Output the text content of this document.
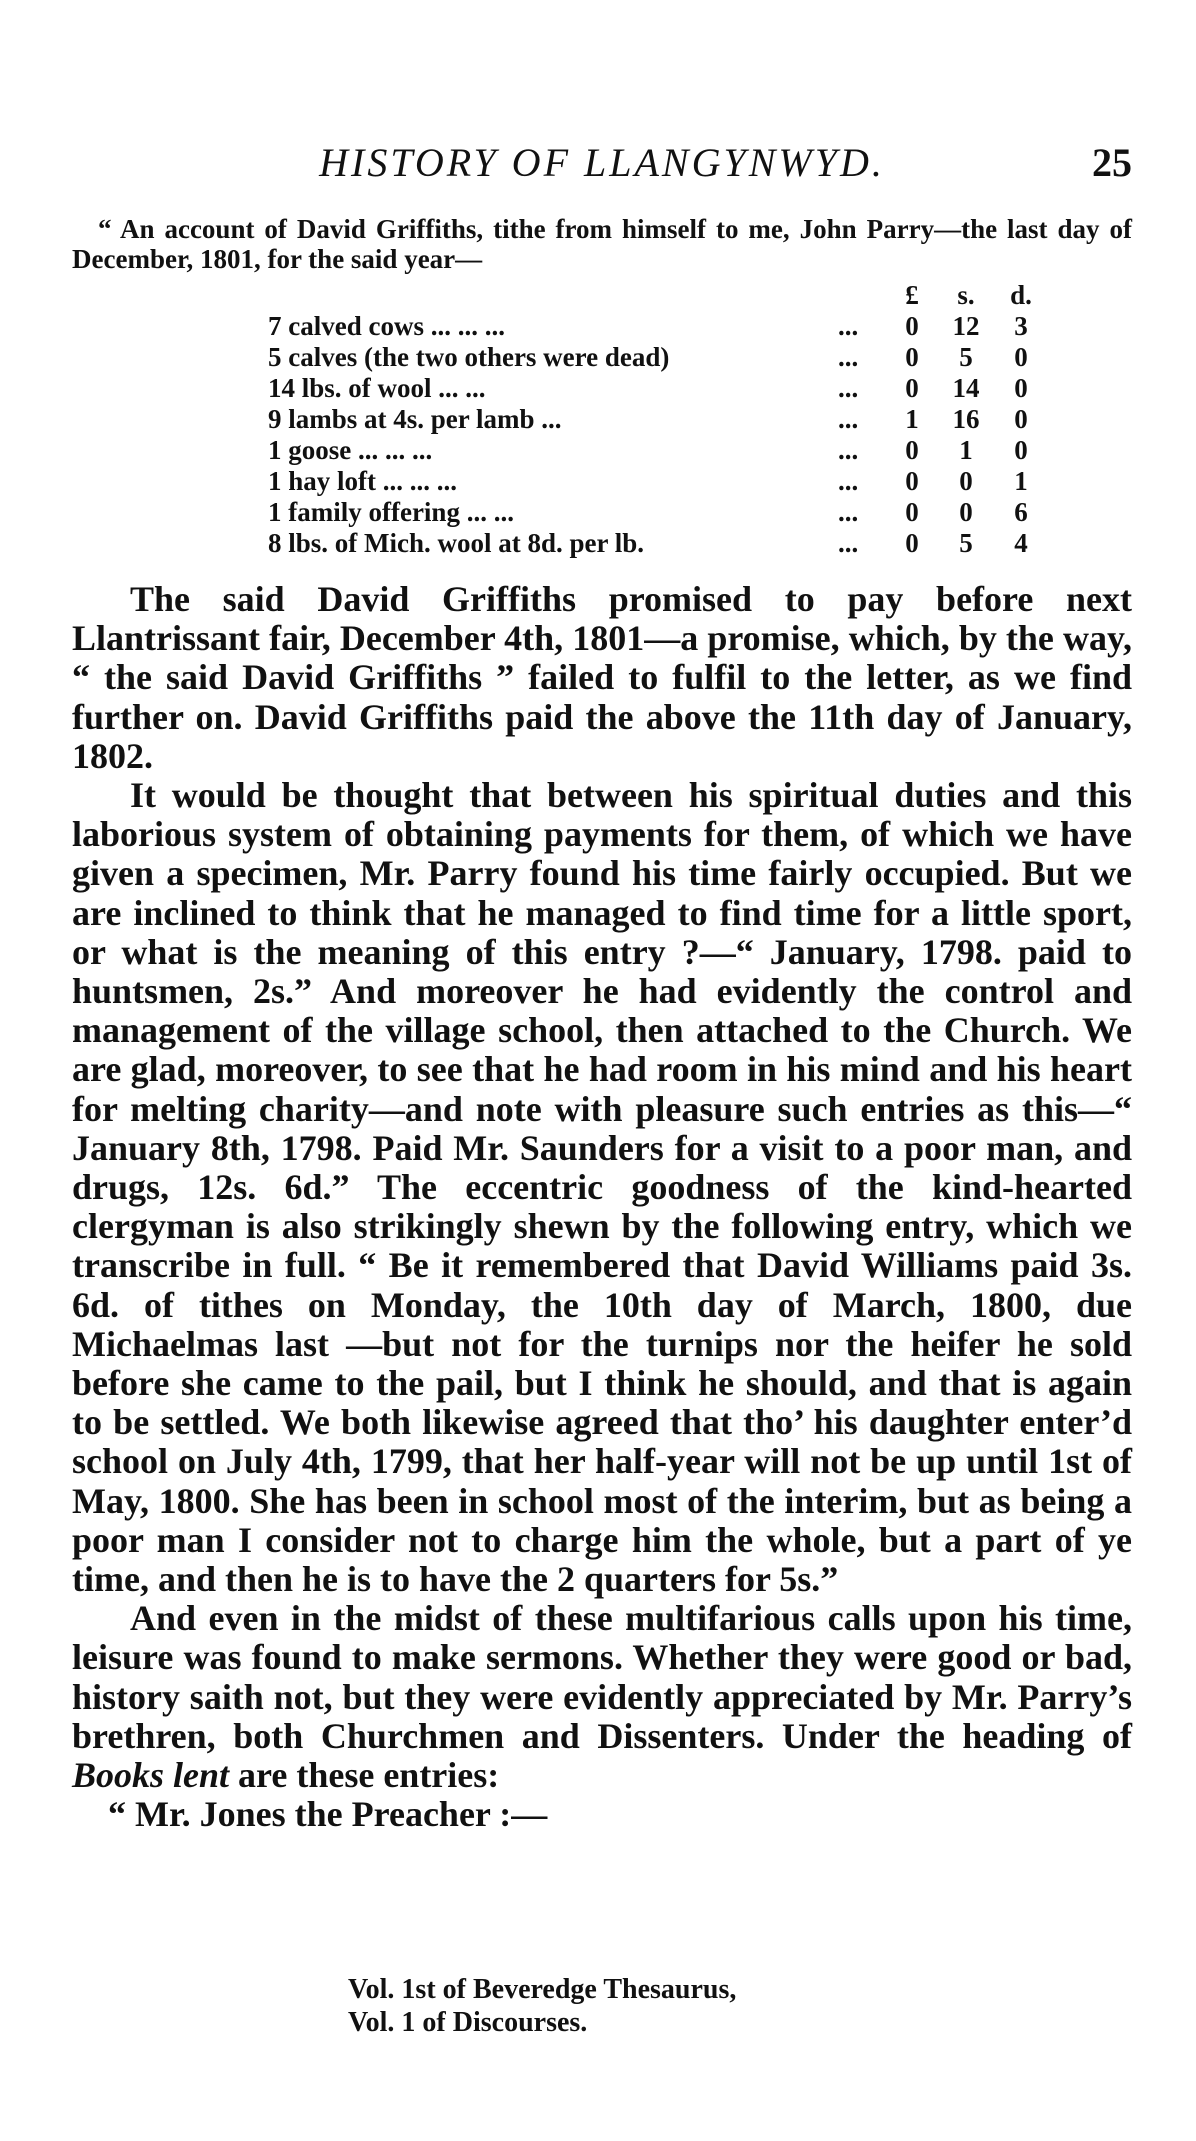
HISTORY OF LLANGYNWYD.	25

“ An account of David Griffiths, tithe from himself to me, John Parry—the last day of December, 1801, for the said year—

		£	s.	d.
7 calved cows ... ... ...	...	0	12	3
5 calves (the two others were dead)	...	0	5	0
14 lbs. of wool ... ...	...	0	14	0
9 lambs at 4s. per lamb ...	...	1	16	0
1 goose ... ... ...	...	0	1	0
1 hay loft ... ... ...	...	0	0	1
1 family offering ... ...	...	0	0	6
8 lbs. of Mich. wool at 8d. per lb.	...	0	5	4

The said David Griffiths promised to pay before next Llantrissant fair, December 4th, 1801—a promise, which, by the way, “ the said David Griffiths ” failed to fulfil to the letter, as we find further on. David Griffiths paid the above the 11th day of January, 1802.

It would be thought that between his spiritual duties and this laborious system of obtaining payments for them, of which we have given a specimen, Mr. Parry found his time fairly occupied. But we are inclined to think that he managed to find time for a little sport, or what is the meaning of this entry ?—“ January, 1798. paid to huntsmen, 2s.” And moreover he had evidently the control and management of the village school, then attached to the Church. We are glad, moreover, to see that he had room in his mind and his heart for melting charity—and note with pleasure such entries as this—“ January 8th, 1798. Paid Mr. Saunders for a visit to a poor man, and drugs, 12s. 6d.” The eccentric goodness of the kind-hearted clergyman is also strikingly shewn by the following entry, which we transcribe in full. “ Be it remembered that David Williams paid 3s. 6d. of tithes on Monday, the 10th day of March, 1800, due Michaelmas last —but not for the turnips nor the heifer he sold before she came to the pail, but I think he should, and that is again to be settled. We both likewise agreed that tho’ his daughter enter’d school on July 4th, 1799, that her half-year will not be up until 1st of May, 1800. She has been in school most of the interim, but as being a poor man I consider not to charge him the whole, but a part of ye time, and then he is to have the 2 quarters for 5s.”

And even in the midst of these multifarious calls upon his time, leisure was found to make sermons. Whether they were good or bad, history saith not, but they were evidently appreciated by Mr. Parry’s brethren, both Churchmen and Dissenters. Under the heading of Books lent are these entries:

“ Mr. Jones the Preacher :—

Vol. 1st of Beveredge Thesaurus,
Vol. 1 of Discourses.
